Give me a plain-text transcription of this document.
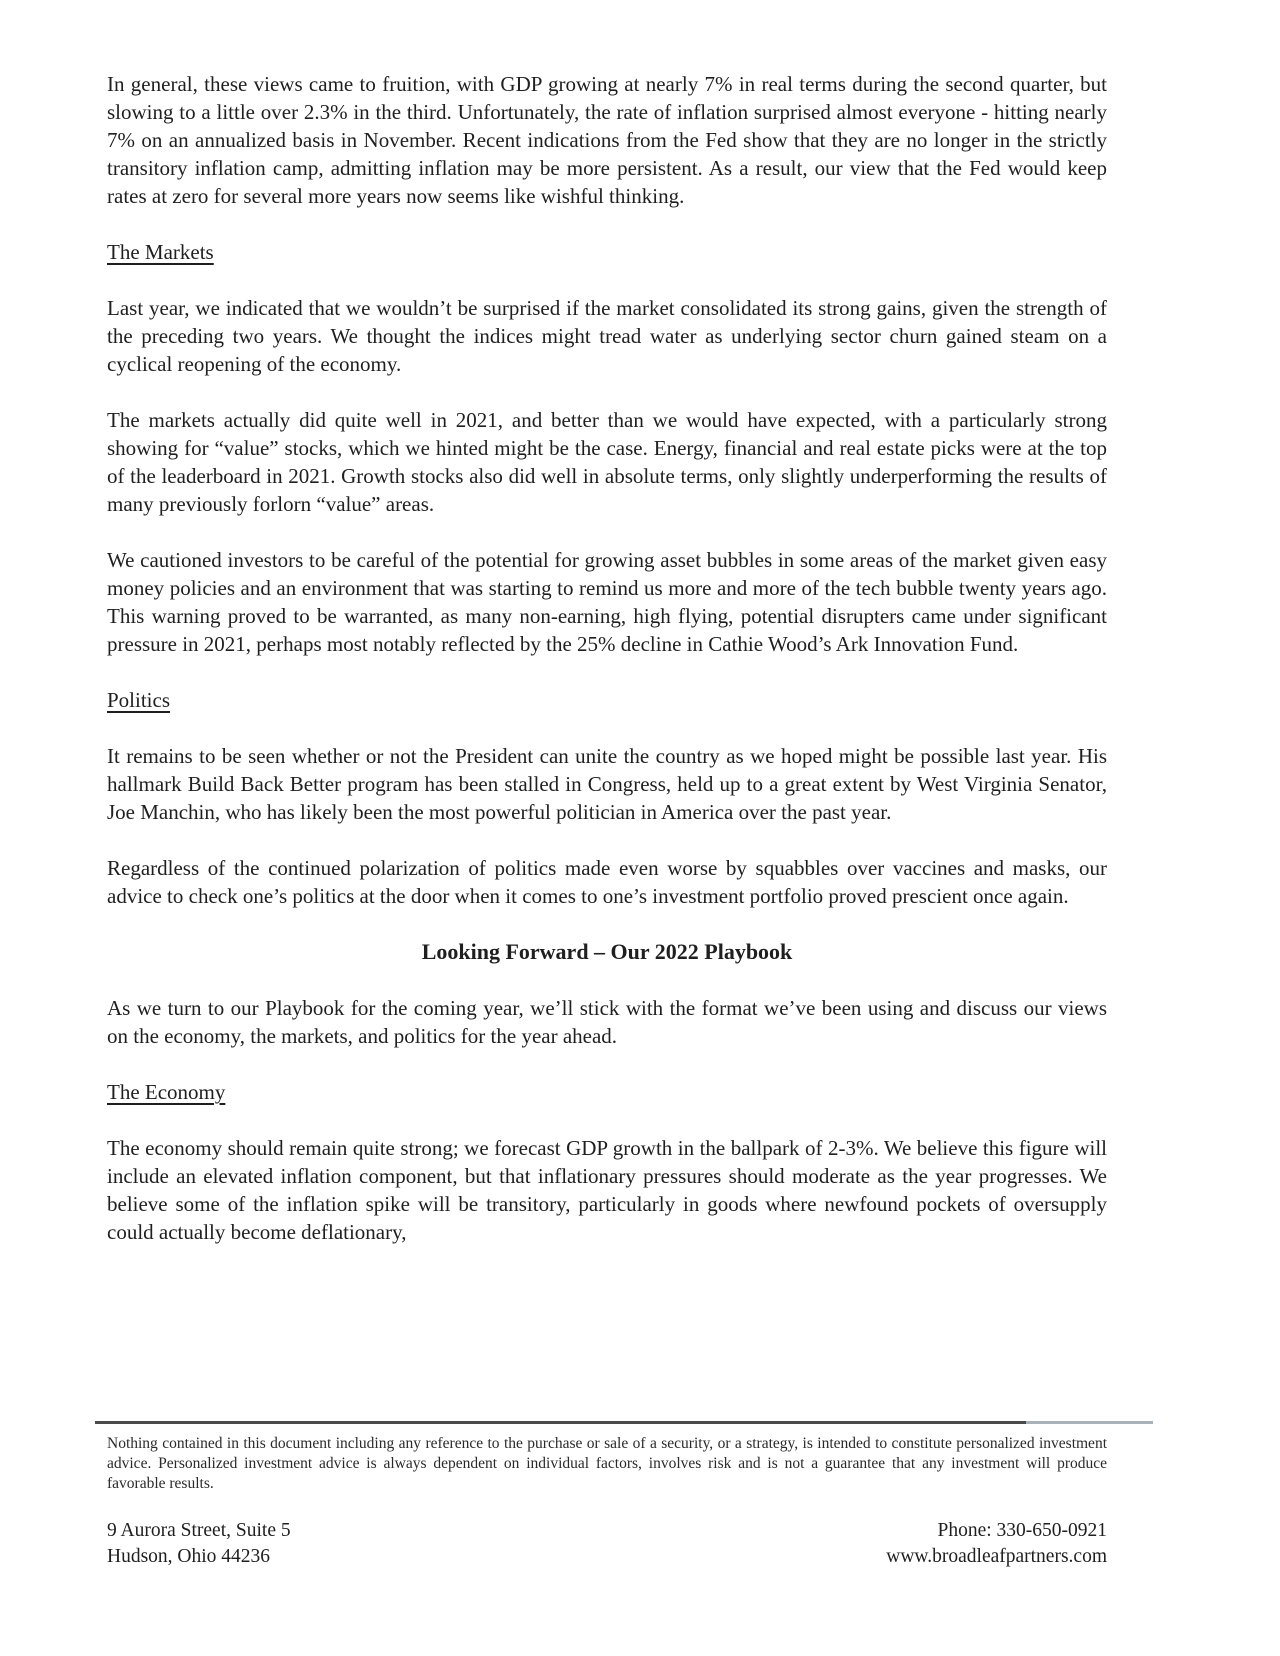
In general, these views came to fruition, with GDP growing at nearly 7% in real terms during the second quarter, but slowing to a little over 2.3% in the third. Unfortunately, the rate of inflation surprised almost everyone - hitting nearly 7% on an annualized basis in November. Recent indications from the Fed show that they are no longer in the strictly transitory inflation camp, admitting inflation may be more persistent. As a result, our view that the Fed would keep rates at zero for several more years now seems like wishful thinking.

The Markets

Last year, we indicated that we wouldn’t be surprised if the market consolidated its strong gains, given the strength of the preceding two years. We thought the indices might tread water as underlying sector churn gained steam on a cyclical reopening of the economy.

The markets actually did quite well in 2021, and better than we would have expected, with a particularly strong showing for “value” stocks, which we hinted might be the case. Energy, financial and real estate picks were at the top of the leaderboard in 2021. Growth stocks also did well in absolute terms, only slightly underperforming the results of many previously forlorn “value” areas.

We cautioned investors to be careful of the potential for growing asset bubbles in some areas of the market given easy money policies and an environment that was starting to remind us more and more of the tech bubble twenty years ago. This warning proved to be warranted, as many non-earning, high flying, potential disrupters came under significant pressure in 2021, perhaps most notably reflected by the 25% decline in Cathie Wood’s Ark Innovation Fund.

Politics

It remains to be seen whether or not the President can unite the country as we hoped might be possible last year. His hallmark Build Back Better program has been stalled in Congress, held up to a great extent by West Virginia Senator, Joe Manchin, who has likely been the most powerful politician in America over the past year.

Regardless of the continued polarization of politics made even worse by squabbles over vaccines and masks, our advice to check one’s politics at the door when it comes to one’s investment portfolio proved prescient once again.

Looking Forward – Our 2022 Playbook

As we turn to our Playbook for the coming year, we’ll stick with the format we’ve been using and discuss our views on the economy, the markets, and politics for the year ahead.

The Economy

The economy should remain quite strong; we forecast GDP growth in the ballpark of 2-3%. We believe this figure will include an elevated inflation component, but that inflationary pressures should moderate as the year progresses. We believe some of the inflation spike will be transitory, particularly in goods where newfound pockets of oversupply could actually become deflationary,

Nothing contained in this document including any reference to the purchase or sale of a security, or a strategy, is intended to constitute personalized investment advice. Personalized investment advice is always dependent on individual factors, involves risk and is not a guarantee that any investment will produce favorable results.

9 Aurora Street, Suite 5
Hudson, Ohio 44236
Phone: 330-650-0921
www.broadleafpartners.com
